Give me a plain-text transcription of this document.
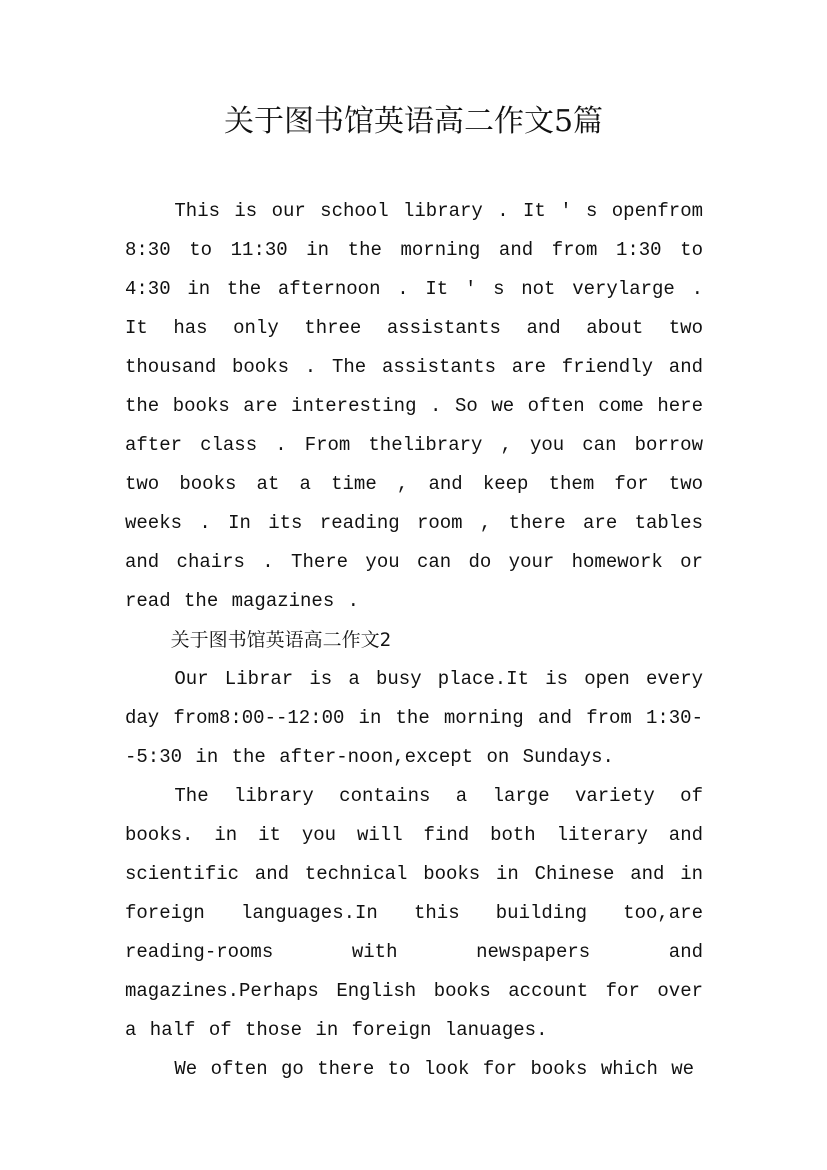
关于图书馆英语高二作文5篇

This is our school library . It ' s openfrom 8:30 to 11:30 in the morning and from 1:30 to 4:30 in the afternoon . It ' s not verylarge . It has only three assistants and about two thousand books . The assistants are friendly and the books are interesting . So we often come here after class . From thelibrary , you can borrow two books at a time , and keep them for two weeks . In its reading room , there are tables and chairs . There you can do your homework or read the magazines .

关于图书馆英语高二作文2

Our Librar is a busy place.It is open every day from8:00--12:00 in the morning and from 1:30--5:30 in the after-noon,except on Sundays.

The library contains a large variety of books. in it you will find both literary and scientific and technical books in Chinese and in foreign languages.In this building too,are reading-rooms with newspapers and magazines.Perhaps English books account for over a half of those in foreign lanuages.

We often go there to look for books which we
